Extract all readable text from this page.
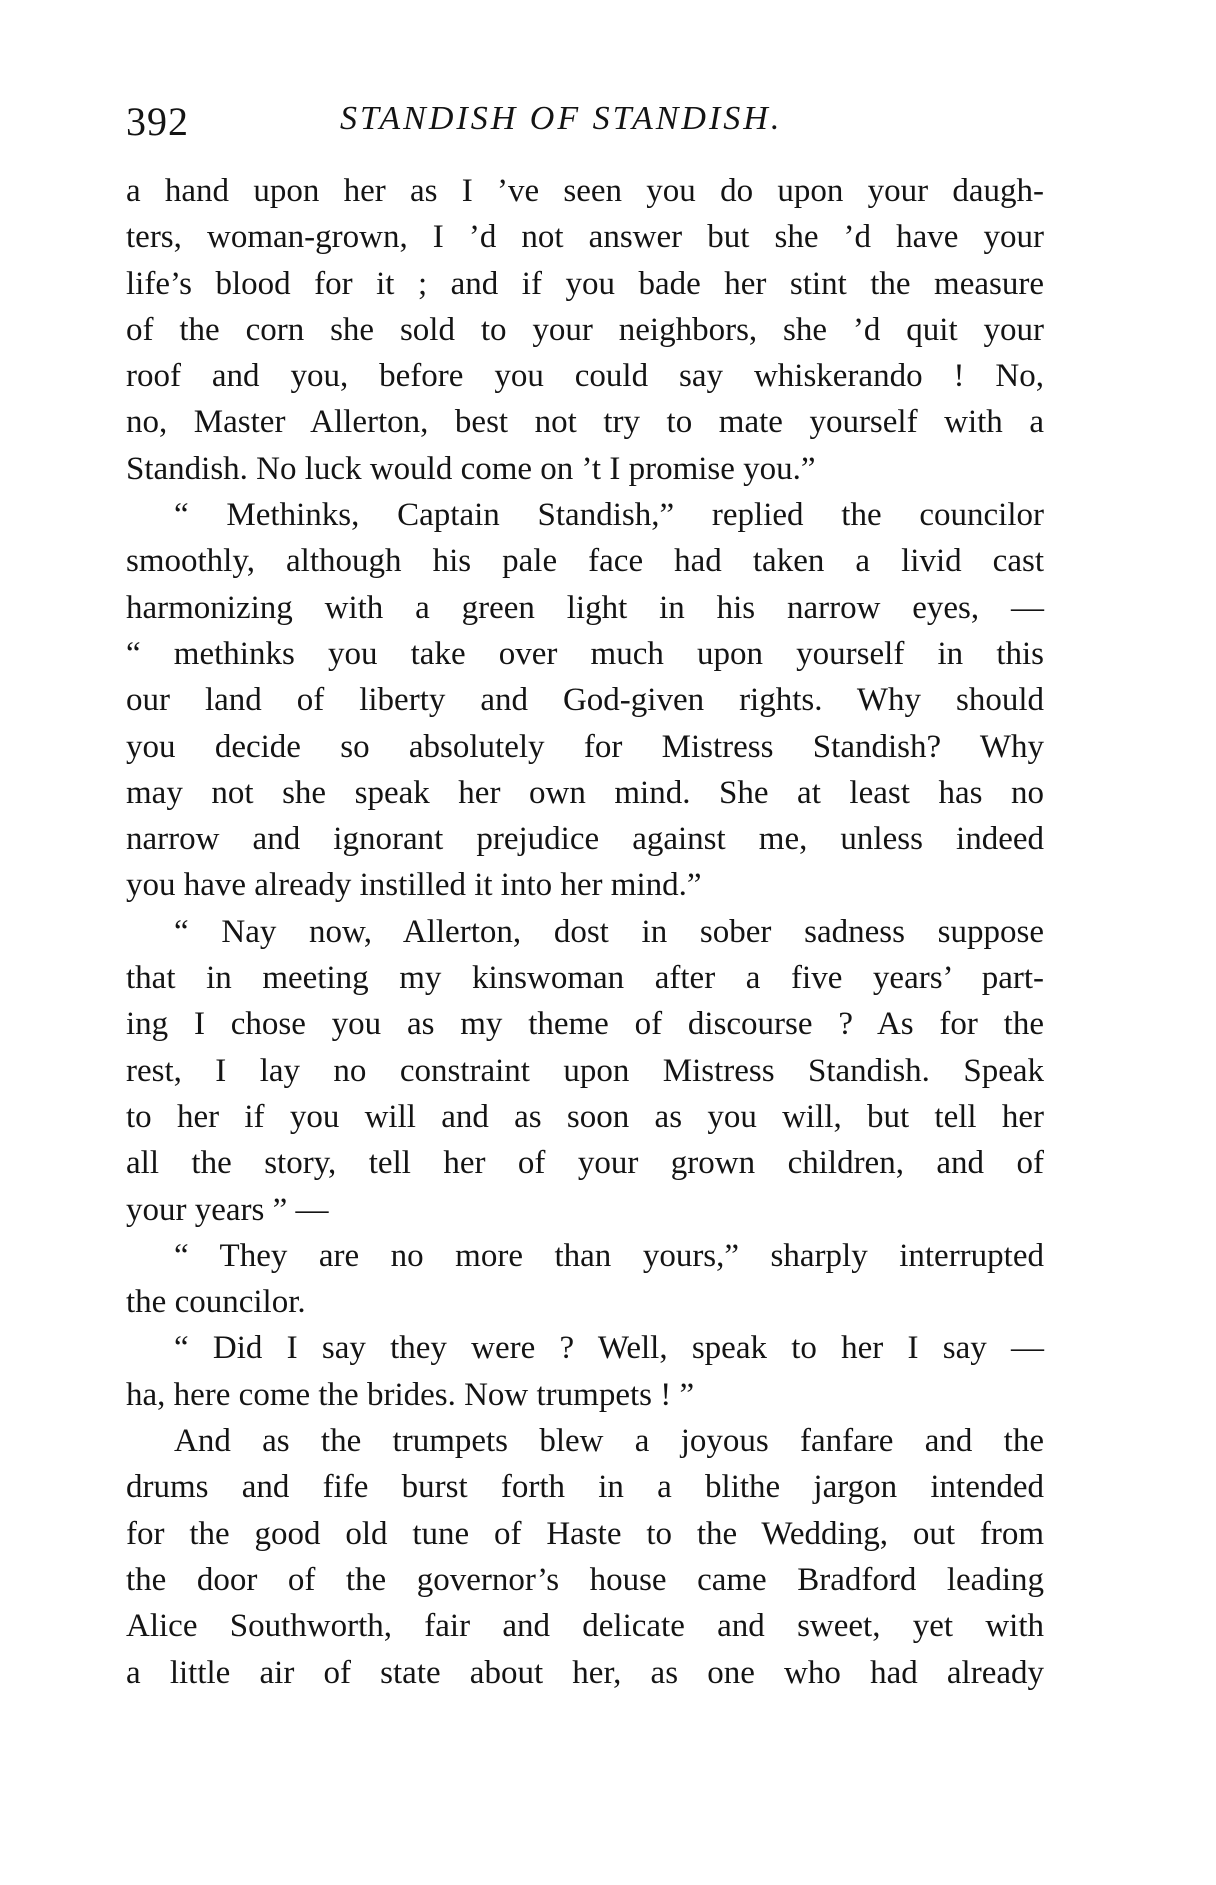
392	STANDISH OF STANDISH.
a hand upon her as I ’ve seen you do upon your daugh-
ters, woman-grown, I ’d not answer but she ’d have your
life’s blood for it ; and if you bade her stint the measure
of the corn she sold to your neighbors, she ’d quit your
roof and you, before you could say whiskerando ! No,
no, Master Allerton, best not try to mate yourself with a
Standish. No luck would come on ’t I promise you.”
“ Methinks, Captain Standish,” replied the councilor
smoothly, although his pale face had taken a livid cast
harmonizing with a green light in his narrow eyes, —
“ methinks you take over much upon yourself in this
our land of liberty and God-given rights. Why should
you decide so absolutely for Mistress Standish? Why
may not she speak her own mind. She at least has no
narrow and ignorant prejudice against me, unless indeed
you have already instilled it into her mind.”
“ Nay now, Allerton, dost in sober sadness suppose
that in meeting my kinswoman after a five years’ part-
ing I chose you as my theme of discourse ? As for the
rest, I lay no constraint upon Mistress Standish. Speak
to her if you will and as soon as you will, but tell her
all the story, tell her of your grown children, and of
your years ” —
“ They are no more than yours,” sharply interrupted
the councilor.
“ Did I say they were ? Well, speak to her I say —
ha, here come the brides. Now trumpets ! ”
And as the trumpets blew a joyous fanfare and the
drums and fife burst forth in a blithe jargon intended
for the good old tune of Haste to the Wedding, out from
the door of the governor’s house came Bradford leading
Alice Southworth, fair and delicate and sweet, yet with
a little air of state about her, as one who had already
